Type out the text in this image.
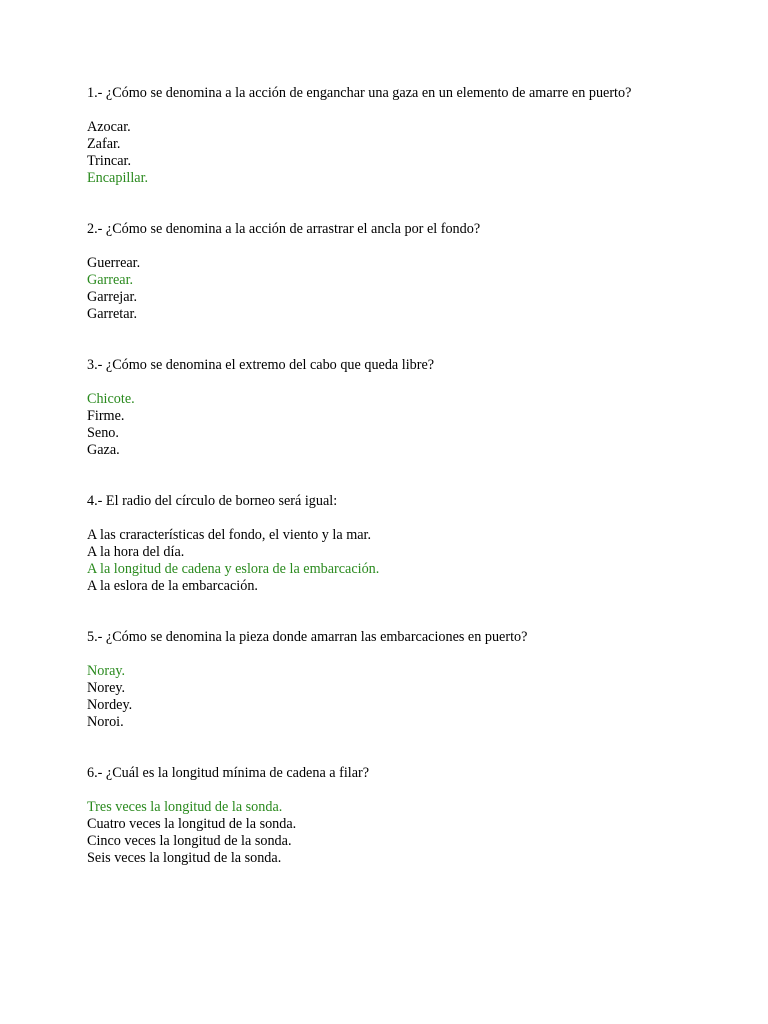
1.- ¿Cómo se denomina a la acción de enganchar una gaza en un elemento de amarre en puerto?

Azocar.
Zafar.
Trincar.
Encapillar.

2.- ¿Cómo se denomina a la acción de arrastrar el ancla por el fondo?

Guerrear.
Garrear.
Garrejar.
Garretar.

3.- ¿Cómo se denomina el extremo del cabo que queda libre?

Chicote.
Firme.
Seno.
Gaza.

4.- El radio del círculo de borneo será igual:

A las craracterísticas del fondo, el viento y la mar.
A la hora del día.
A la longitud de cadena y eslora de la embarcación.
A la eslora de la embarcación.

5.- ¿Cómo se denomina la pieza donde amarran las embarcaciones en puerto?

Noray.
Norey.
Nordey.
Noroi.

6.- ¿Cuál es la longitud mínima de cadena a filar?

Tres veces la longitud de la sonda.
Cuatro veces la longitud de la sonda.
Cinco veces la longitud de la sonda.
Seis veces la longitud de la sonda.
